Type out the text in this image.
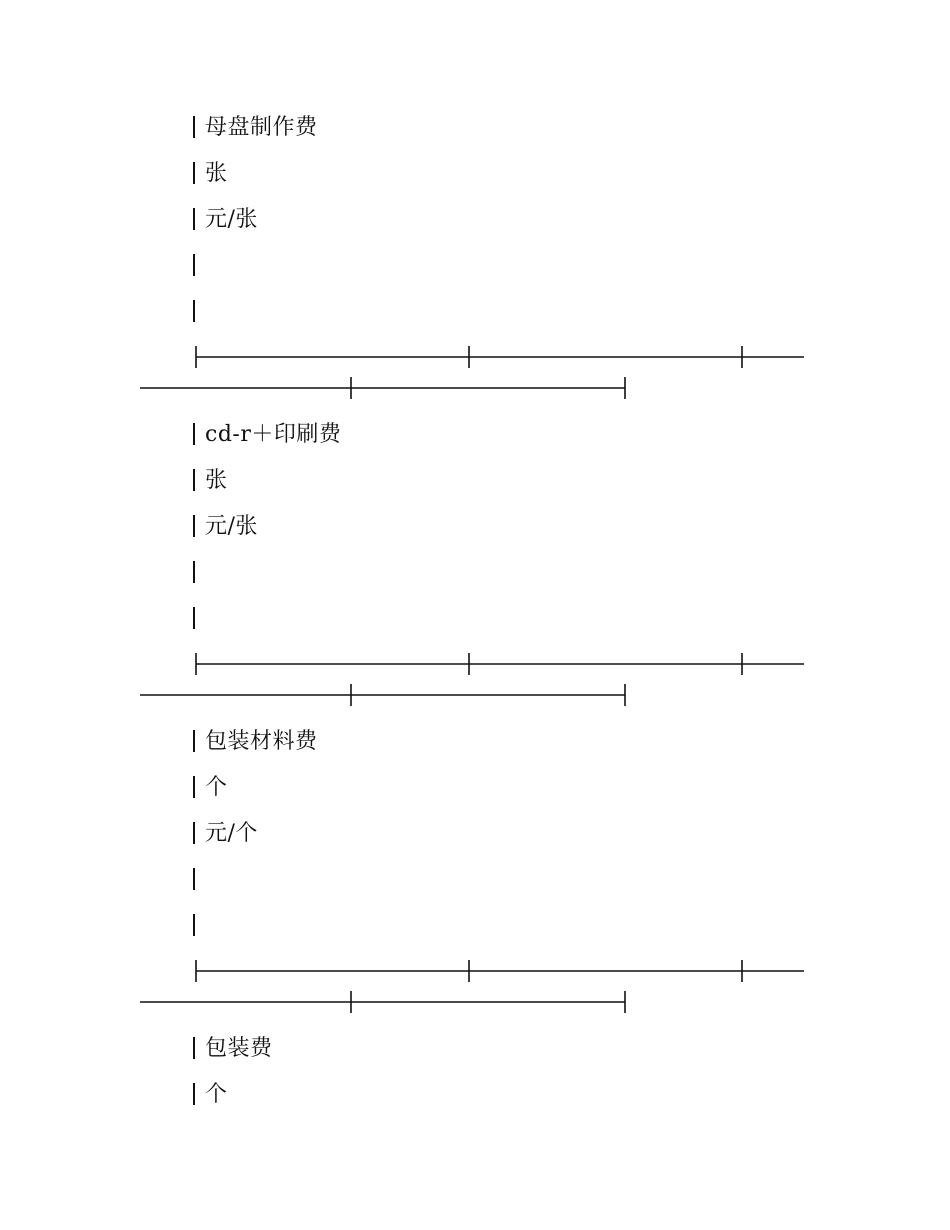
母盘制作费
张
元/张
cd-r＋印刷费
张
元/张
包装材料费
个
元/个
包装费
个
